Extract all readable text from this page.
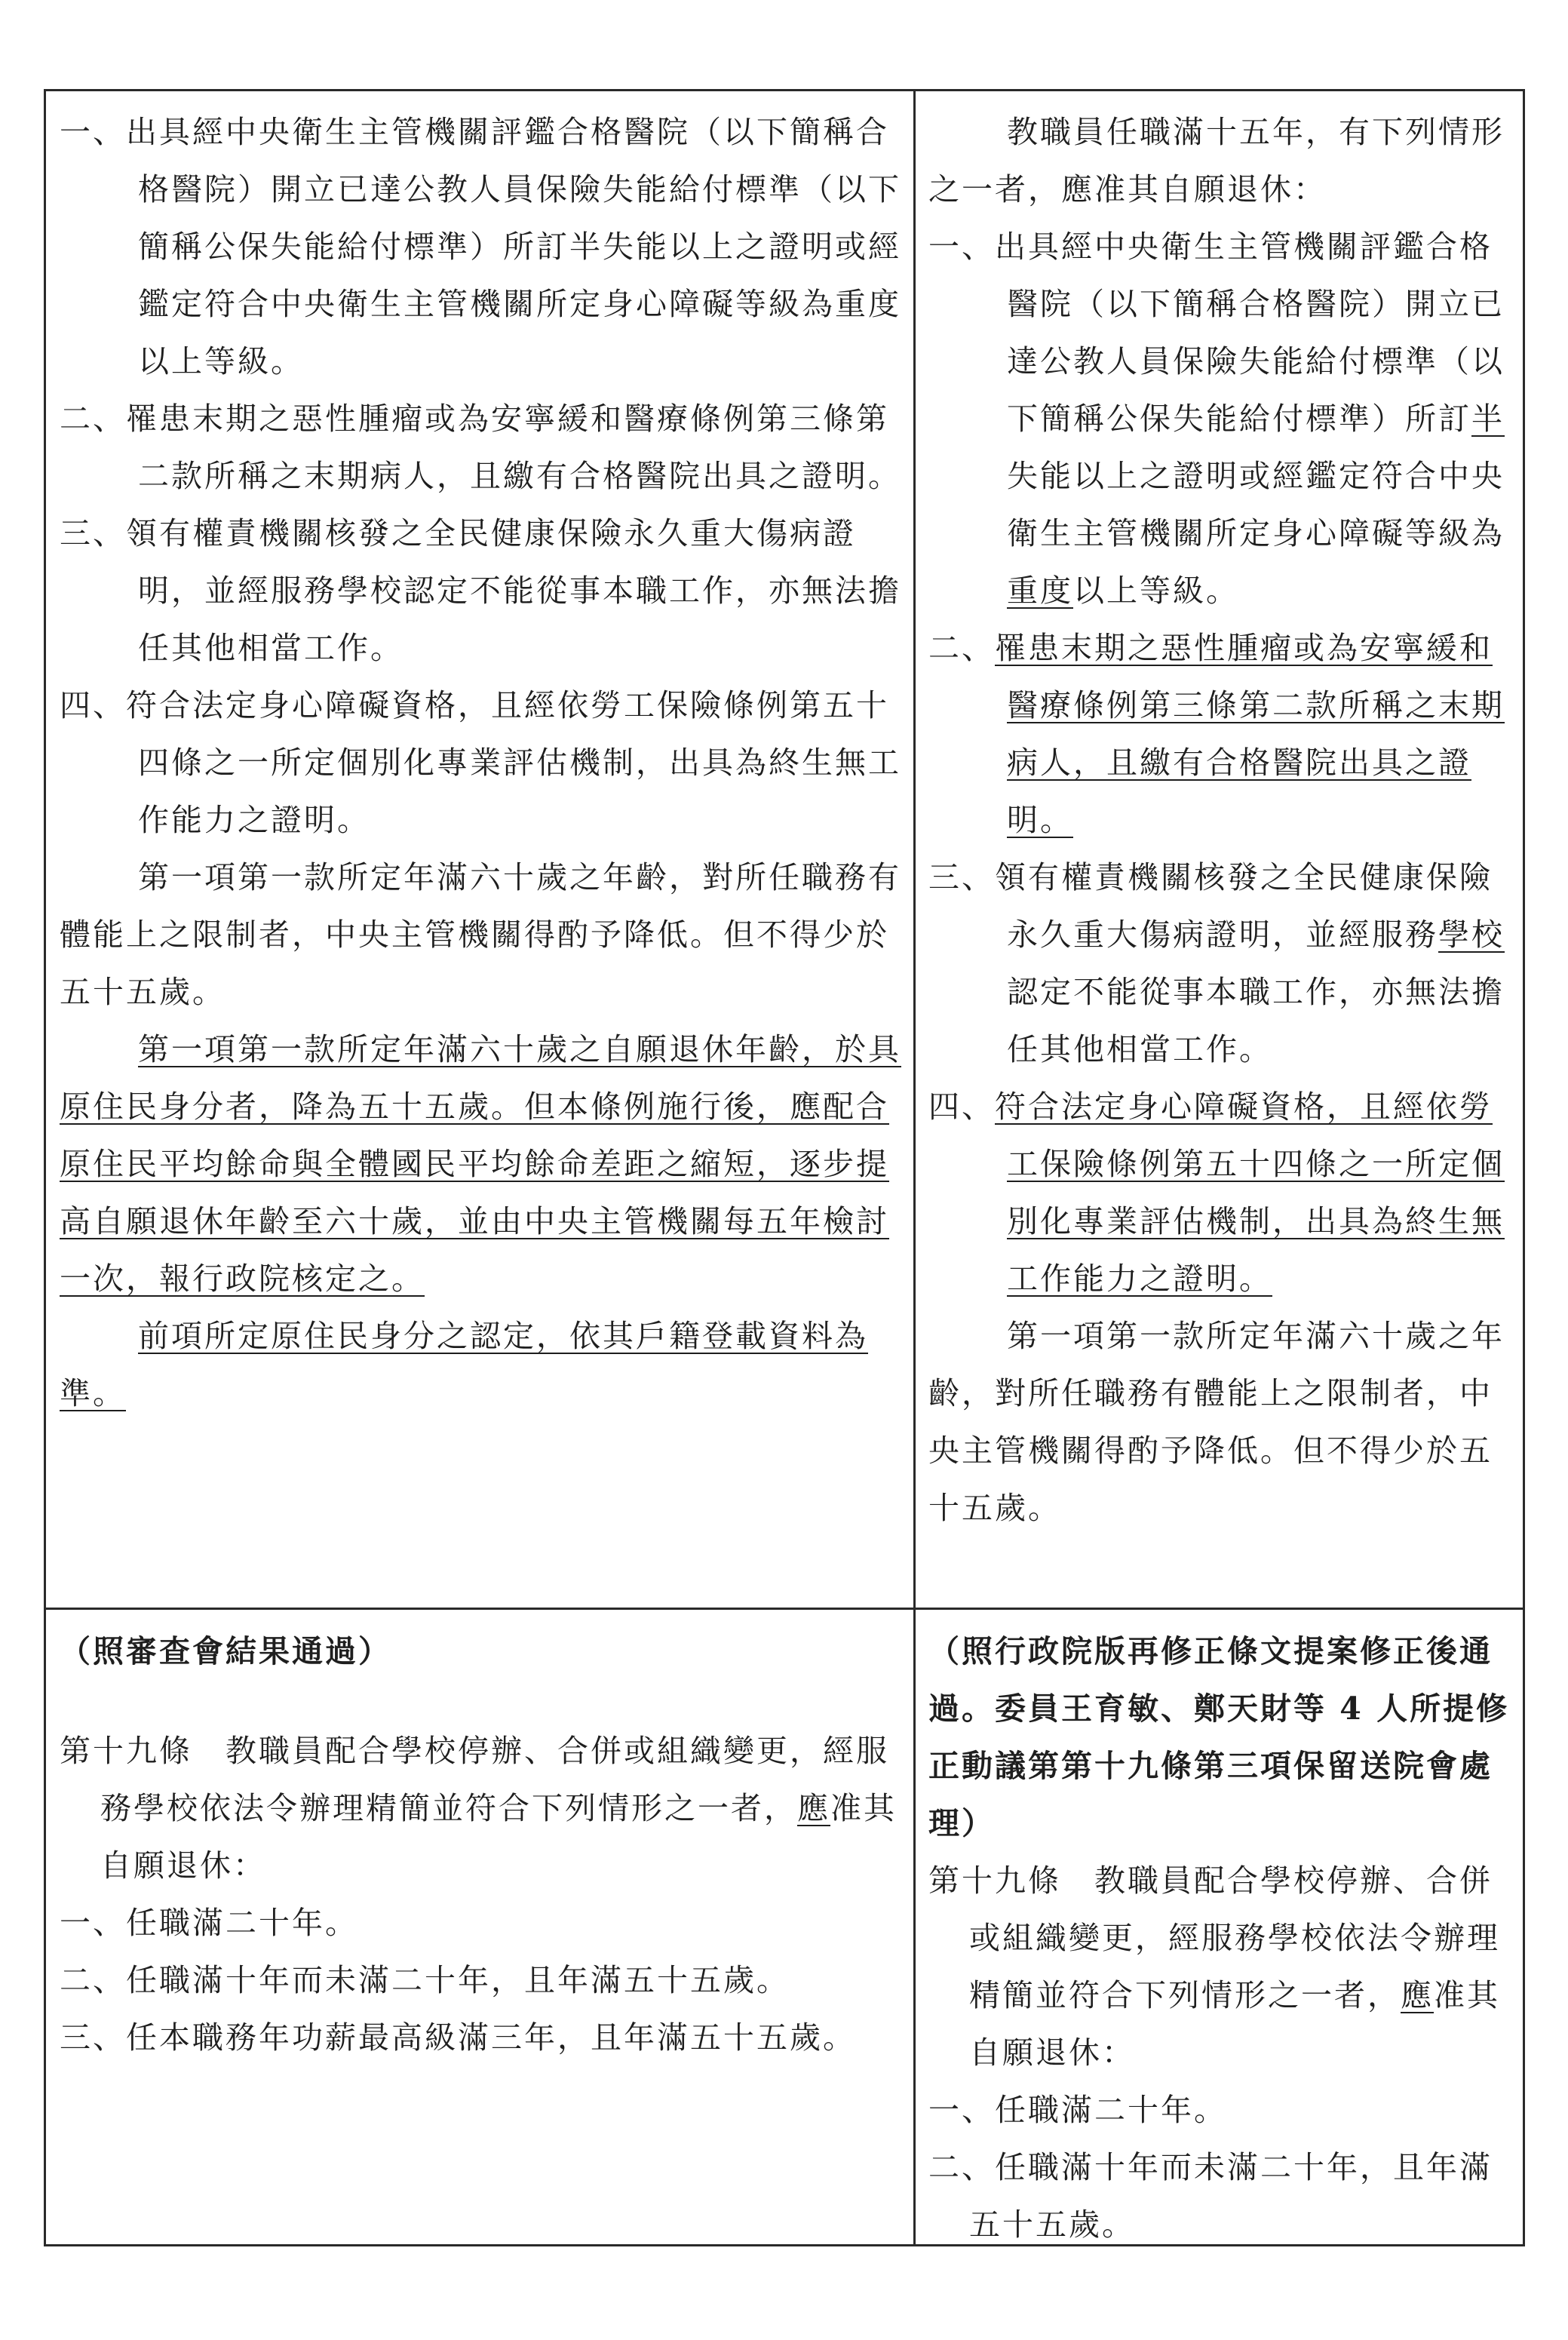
一、出具經中央衛生主管機關評鑑合格醫院（以下簡稱合格醫院）開立已達公教人員保險失能給付標準（以下簡稱公保失能給付標準）所訂半失能以上之證明或經鑑定符合中央衛生主管機關所定身心障礙等級為重度以上等級。

二、罹患末期之惡性腫瘤或為安寧緩和醫療條例第三條第二款所稱之末期病人，且繳有合格醫院出具之證明。

三、領有權責機關核發之全民健康保險永久重大傷病證明，並經服務學校認定不能從事本職工作，亦無法擔任其他相當工作。

四、符合法定身心障礙資格，且經依勞工保險條例第五十四條之一所定個別化專業評估機制，出具為終生無工作能力之證明。

第一項第一款所定年滿六十歲之年齡，對所任職務有體能上之限制者，中央主管機關得酌予降低。但不得少於五十五歲。

第一項第一款所定年滿六十歲之自願退休年齡，於具原住民身分者，降為五十五歲。但本條例施行後，應配合原住民平均餘命與全體國民平均餘命差距之縮短，逐步提高自願退休年齡至六十歲，並由中央主管機關每五年檢討一次，報行政院核定之。

前項所定原住民身分之認定，依其戶籍登載資料為準。

教職員任職滿十五年，有下列情形之一者，應准其自願退休：

一、出具經中央衛生主管機關評鑑合格醫院（以下簡稱合格醫院）開立已達公教人員保險失能給付標準（以下簡稱公保失能給付標準）所訂半失能以上之證明或經鑑定符合中央衛生主管機關所定身心障礙等級為重度以上等級。

二、罹患末期之惡性腫瘤或為安寧緩和醫療條例第三條第二款所稱之末期病人，且繳有合格醫院出具之證明。

三、領有權責機關核發之全民健康保險永久重大傷病證明，並經服務學校認定不能從事本職工作，亦無法擔任其他相當工作。

四、符合法定身心障礙資格，且經依勞工保險條例第五十四條之一所定個別化專業評估機制，出具為終生無工作能力之證明。

第一項第一款所定年滿六十歲之年齡，對所任職務有體能上之限制者，中央主管機關得酌予降低。但不得少於五十五歲。

（照審查會結果通過）

第十九條　教職員配合學校停辦、合併或組織變更，經服務學校依法令辦理精簡並符合下列情形之一者，應准其自願退休：

一、任職滿二十年。

二、任職滿十年而未滿二十年，且年滿五十五歲。

三、任本職務年功薪最高級滿三年，且年滿五十五歲。

（照行政院版再修正條文提案修正後通過。委員王育敏、鄭天財等 4 人所提修正動議第第十九條第三項保留送院會處理）

第十九條　教職員配合學校停辦、合併或組織變更，經服務學校依法令辦理精簡並符合下列情形之一者，應准其自願退休：

一、任職滿二十年。

二、任職滿十年而未滿二十年，且年滿五十五歲。
